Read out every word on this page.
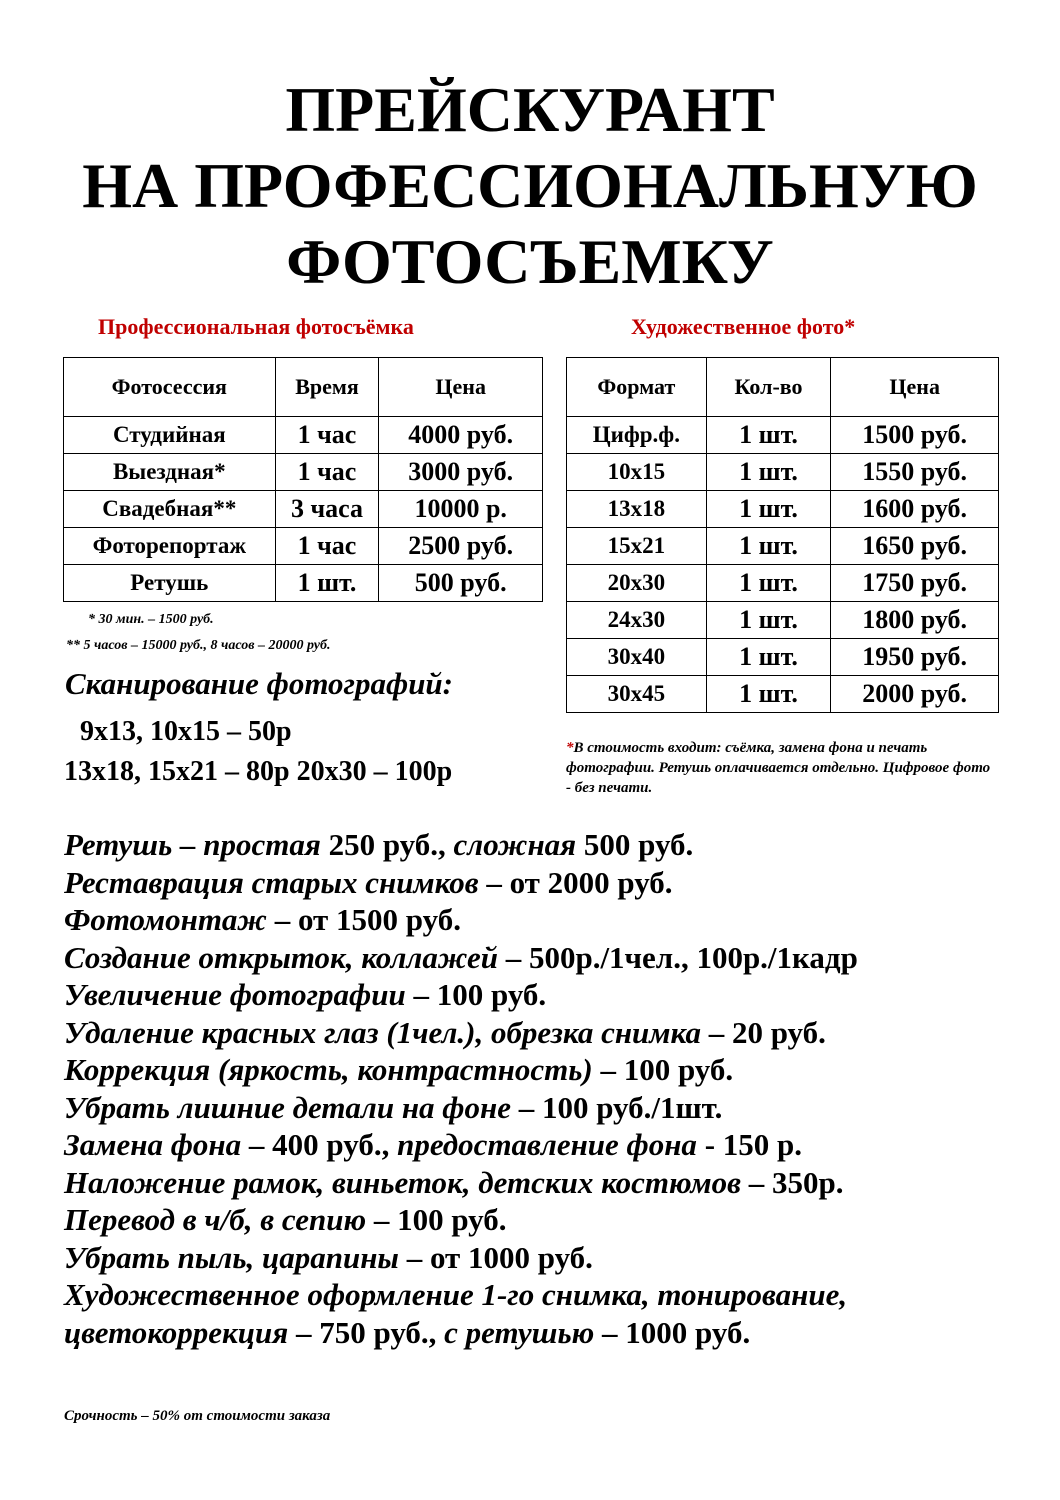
ПРЕЙСКУРАНТ
НА ПРОФЕССИОНАЛЬНУЮ
ФОТОСЪЕМКУ
Профессиональная фотосъёмка	Художественное фото*
Фотосессия	Время	Цена
Студийная	1 час	4000 руб.
Выездная*	1 час	3000 руб.
Свадебная**	3 часа	10000 р.
Фоторепортаж	1 час	2500 руб.
Ретушь	1 шт.	500 руб.
* 30 мин. – 1500 руб.
** 5 часов – 15000 руб., 8 часов – 20000 руб.
Формат	Кол-во	Цена
Цифр.ф.	1 шт.	1500 руб.
10х15	1 шт.	1550 руб.
13х18	1 шт.	1600 руб.
15х21	1 шт.	1650 руб.
20х30	1 шт.	1750 руб.
24х30	1 шт.	1800 руб.
30х40	1 шт.	1950 руб.
30х45	1 шт.	2000 руб.
*В стоимость входит: съёмка, замена фона и печать фотографии. Ретушь оплачивается отдельно. Цифровое фото - без печати.
Сканирование фотографий:
9х13, 10х15 – 50р
13х18, 15х21 – 80р 20х30 – 100р
Ретушь – простая 250 руб., сложная 500 руб.
Реставрация старых снимков – от 2000 руб.
Фотомонтаж – от 1500 руб.
Создание открыток, коллажей – 500р./1чел., 100р./1кадр
Увеличение фотографии – 100 руб.
Удаление красных глаз (1чел.), обрезка снимка – 20 руб.
Коррекция (яркость, контрастность) – 100 руб.
Убрать лишние детали на фоне – 100 руб./1шт.
Замена фона – 400 руб., предоставление фона - 150 р.
Наложение рамок, виньеток, детских костюмов – 350р.
Перевод в ч/б, в сепию – 100 руб.
Убрать пыль, царапины – от 1000 руб.
Художественное оформление 1-го снимка, тонирование,
цветокоррекция – 750 руб., с ретушью – 1000 руб.
Срочность – 50% от стоимости заказа
